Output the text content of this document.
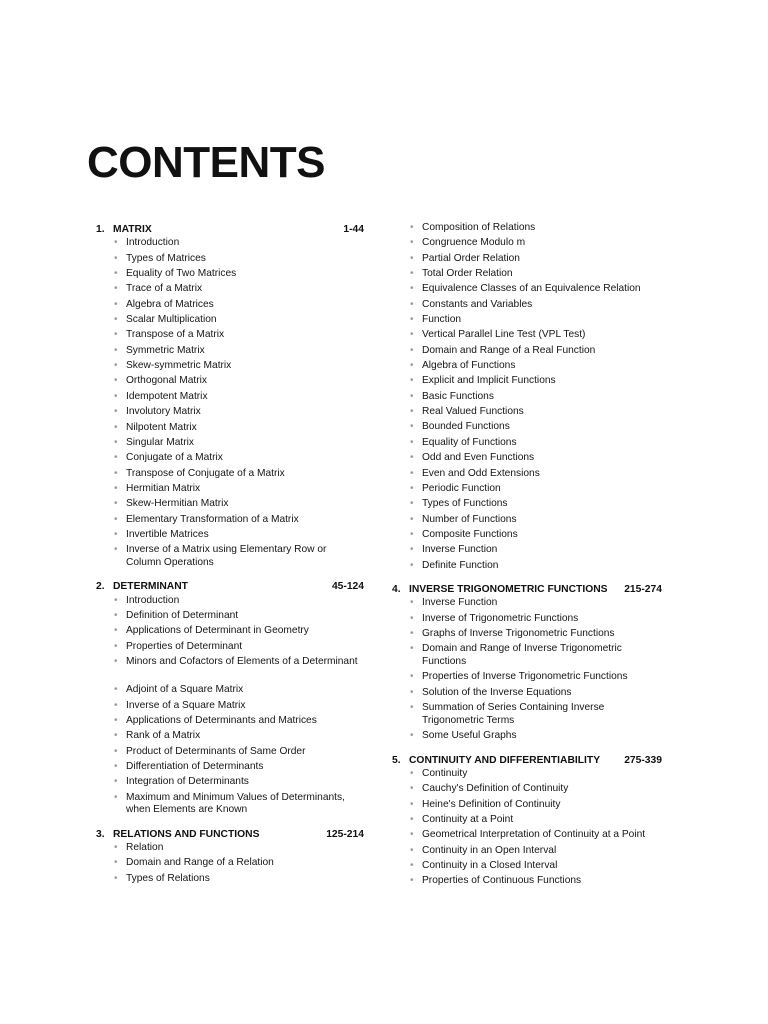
CONTENTS
1. MATRIX	1-44
• Introduction
• Types of Matrices
• Equality of Two Matrices
• Trace of a Matrix
• Algebra of Matrices
• Scalar Multiplication
• Transpose of a Matrix
• Symmetric Matrix
• Skew-symmetric Matrix
• Orthogonal Matrix
• Idempotent Matrix
• Involutory Matrix
• Nilpotent Matrix
• Singular Matrix
• Conjugate of a Matrix
• Transpose of Conjugate of a Matrix
• Hermitian Matrix
• Skew-Hermitian Matrix
• Elementary Transformation of a Matrix
• Invertible Matrices
• Inverse of a Matrix using Elementary Row or Column Operations
2. DETERMINANT	45-124
• Introduction
• Definition of Determinant
• Applications of Determinant in Geometry
• Properties of Determinant
• Minors and Cofactors of Elements of a Determinant
• Adjoint of a Square Matrix
• Inverse of a Square Matrix
• Applications of Determinants and Matrices
• Rank of a Matrix
• Product of Determinants of Same Order
• Differentiation of Determinants
• Integration of Determinants
• Maximum and Minimum Values of Determinants, when Elements are Known
3. RELATIONS AND FUNCTIONS	125-214
• Relation
• Domain and Range of a Relation
• Types of Relations
• Composition of Relations
• Congruence Modulo m
• Partial Order Relation
• Total Order Relation
• Equivalence Classes of an Equivalence Relation
• Constants and Variables
• Function
• Vertical Parallel Line Test (VPL Test)
• Domain and Range of a Real Function
• Algebra of Functions
• Explicit and Implicit Functions
• Basic Functions
• Real Valued Functions
• Bounded Functions
• Equality of Functions
• Odd and Even Functions
• Even and Odd Extensions
• Periodic Function
• Types of Functions
• Number of Functions
• Composite Functions
• Inverse Function
• Definite Function
4. INVERSE TRIGONOMETRIC FUNCTIONS	215-274
• Inverse Function
• Inverse of Trigonometric Functions
• Graphs of Inverse Trigonometric Functions
• Domain and Range of Inverse Trigonometric Functions
• Properties of Inverse Trigonometric Functions
• Solution of the Inverse Equations
• Summation of Series Containing Inverse Trigonometric Terms
• Some Useful Graphs
5. CONTINUITY AND DIFFERENTIABILITY	275-339
• Continuity
• Cauchy's Definition of Continuity
• Heine's Definition of Continuity
• Continuity at a Point
• Geometrical Interpretation of Continuity at a Point
• Continuity in an Open Interval
• Continuity in a Closed Interval
• Properties of Continuous Functions
